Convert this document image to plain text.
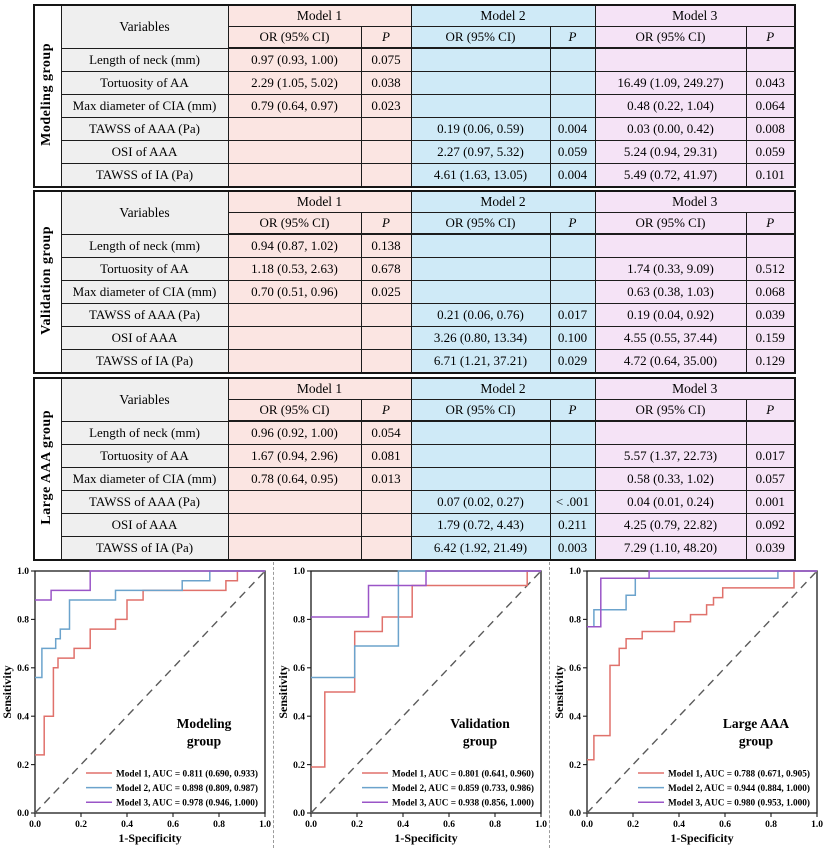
Modeling group	Variables	Model 1		Model 2		Model 3	
		OR (95% CI)	P	OR (95% CI)	P	OR (95% CI)	P
	Length of neck (mm)	0.97 (0.93, 1.00)	0.075				
	Tortuosity of AA	2.29 (1.05, 5.02)	0.038			16.49 (1.09, 249.27)	0.043
	Max diameter of CIA (mm)	0.79 (0.64, 0.97)	0.023			0.48 (0.22, 1.04)	0.064
	TAWSS of AAA (Pa)			0.19 (0.06, 0.59)	0.004	0.03 (0.00, 0.42)	0.008
	OSI of AAA			2.27 (0.97, 5.32)	0.059	5.24 (0.94, 29.31)	0.059
	TAWSS of IA (Pa)			4.61 (1.63, 13.05)	0.004	5.49 (0.72, 41.97)	0.101
Validation group	Variables	Model 1		Model 2		Model 3	
		OR (95% CI)	P	OR (95% CI)	P	OR (95% CI)	P
	Length of neck (mm)	0.94 (0.87, 1.02)	0.138				
	Tortuosity of AA	1.18 (0.53, 2.63)	0.678			1.74 (0.33, 9.09)	0.512
	Max diameter of CIA (mm)	0.70 (0.51, 0.96)	0.025			0.63 (0.38, 1.03)	0.068
	TAWSS of AAA (Pa)			0.21 (0.06, 0.76)	0.017	0.19 (0.04, 0.92)	0.039
	OSI of AAA			3.26 (0.80, 13.34)	0.100	4.55 (0.55, 37.44)	0.159
	TAWSS of IA (Pa)			6.71 (1.21, 37.21)	0.029	4.72 (0.64, 35.00)	0.129
Large AAA group	Variables	Model 1		Model 2		Model 3	
		OR (95% CI)	P	OR (95% CI)	P	OR (95% CI)	P
	Length of neck (mm)	0.96 (0.92, 1.00)	0.054				
	Tortuosity of AA	1.67 (0.94, 2.96)	0.081			5.57 (1.37, 22.73)	0.017
	Max diameter of CIA (mm)	0.78 (0.64, 0.95)	0.013			0.58 (0.33, 1.02)	0.057
	TAWSS of AAA (Pa)			0.07 (0.02, 0.27)	< .001	0.04 (0.01, 0.24)	0.001
	OSI of AAA			1.79 (0.72, 4.43)	0.211	4.25 (0.79, 22.82)	0.092
	TAWSS of IA (Pa)			6.42 (1.92, 21.49)	0.003	7.29 (1.10, 48.20)	0.039
0.0
0.0
0.2
0.2
0.4
0.4
0.6
0.6
0.8
0.8
1.0
1.0
1-Specificity
Sensitivity
Modeling
group
Model 1, AUC = 0.811 (0.690, 0.933)
Model 2, AUC = 0.898 (0.809, 0.987)
Model 3, AUC = 0.978 (0.946, 1.000)
0.0
0.0
0.2
0.2
0.4
0.4
0.6
0.6
0.8
0.8
1.0
1.0
1-Specificity
Sensitivity
Validation
group
Model 1, AUC = 0.801 (0.641, 0.960)
Model 2, AUC = 0.859 (0.733, 0.986)
Model 3, AUC = 0.938 (0.856, 1.000)
0.0
0.0
0.2
0.2
0.4
0.4
0.6
0.6
0.8
0.8
1.0
1.0
1-Specificity
Sensitivity
Large AAA
group
Model 1, AUC = 0.788 (0.671, 0.905)
Model 2, AUC = 0.944 (0.884, 1.000)
Model 3, AUC = 0.980 (0.953, 1.000)
